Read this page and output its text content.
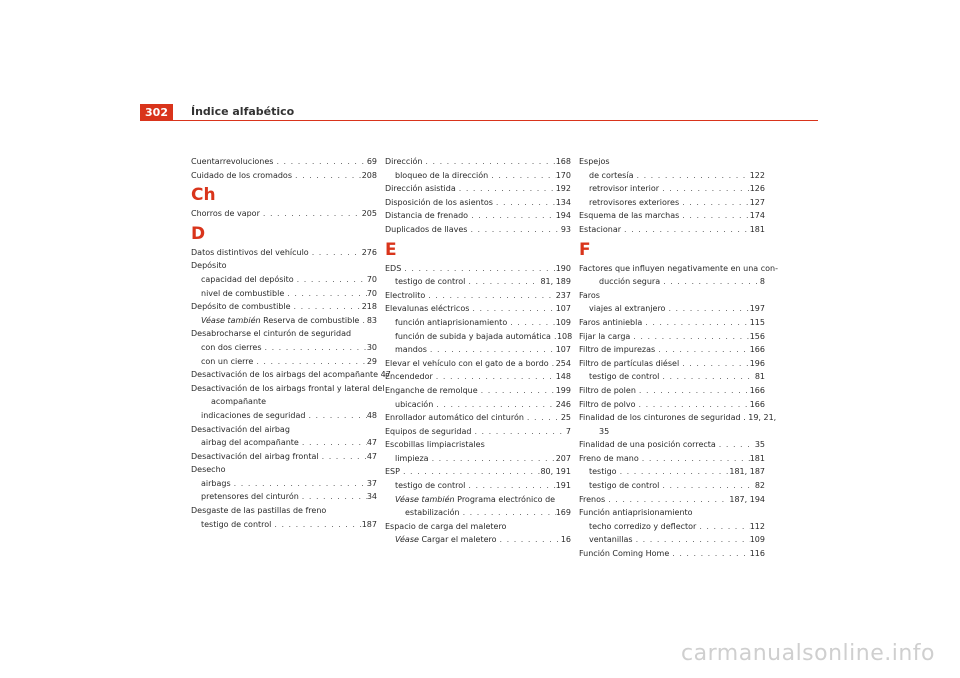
302	Índice alfabético
Cuentarrevoluciones . . .	69
Cuidado de los cromados . . .	208
Ch
Chorros de vapor . . .	205
D
Datos distintivos del vehículo . . .	276
Depósito
capacidad del depósito . . .	70
nivel de combustible . . .	70
Depósito de combustible . . .	218
Véase también Reserva de combustible . . . 83
Desabrocharse el cinturón de seguridad
con dos cierres . . .	30
con un cierre . . .	29
Desactivación de los airbags del acompañante 47
Desactivación de los airbags frontal y lateral del
acompañante
indicaciones de seguridad . . .	48
Desactivación del airbag
airbag del acompañante . . .	47
Desactivación del airbag frontal . . .	47
Desecho
airbags . . .	37
pretensores del cinturón . . .	34
Desgaste de las pastillas de freno
testigo de control . . .	187
Dirección . . .	168
bloqueo de la dirección . . .	170
Dirección asistida . . .	192
Disposición de los asientos . . .	134
Distancia de frenado . . .	194
Duplicados de llaves . . .	93
E
EDS . . .	190
testigo de control . . .	81, 189
Electrolito . . .	237
Elevalunas eléctricos . . .	107
función antiaprisionamiento . . .	109
función de subida y bajada automática . . . 108
mandos . . .	107
Elevar el vehículo con el gato de a bordo . . . 254
Encendedor . . .	148
Enganche de remolque . . .	199
ubicación . . .	246
Enrollador automático del cinturón . . .	25
Equipos de seguridad . . .	7
Escobillas limpiacristales
limpieza . . .	207
ESP . . .	80, 191
testigo de control . . .	191
Véase también Programa electrónico de
estabilización . . .	169
Espacio de carga del maletero
Véase Cargar el maletero . . .	16
Espejos
de cortesía . . .	122
retrovisor interior . . .	126
retrovisores exteriores . . .	127
Esquema de las marchas . . .	174
Estacionar . . .	181
F
Factores que influyen negativamente en una con-
ducción segura . . .	8
Faros
viajes al extranjero . . .	197
Faros antiniebla . . .	115
Fijar la carga . . .	156
Filtro de impurezas . . .	166
Filtro de partículas diésel . . .	196
testigo de control . . .	81
Filtro de polen . . .	166
Filtro de polvo . . .	166
Finalidad de los cinturones de seguridad . 19, 21,
35
Finalidad de una posición correcta . . .	35
Freno de mano . . .	181
testigo . . .	181, 187
testigo de control . . .	82
Frenos . . .	187, 194
Función antiaprisionamiento
techo corredizo y deflector . . .	112
ventanillas . . .	109
Función Coming Home . . .	116
carmanualsonline.info
